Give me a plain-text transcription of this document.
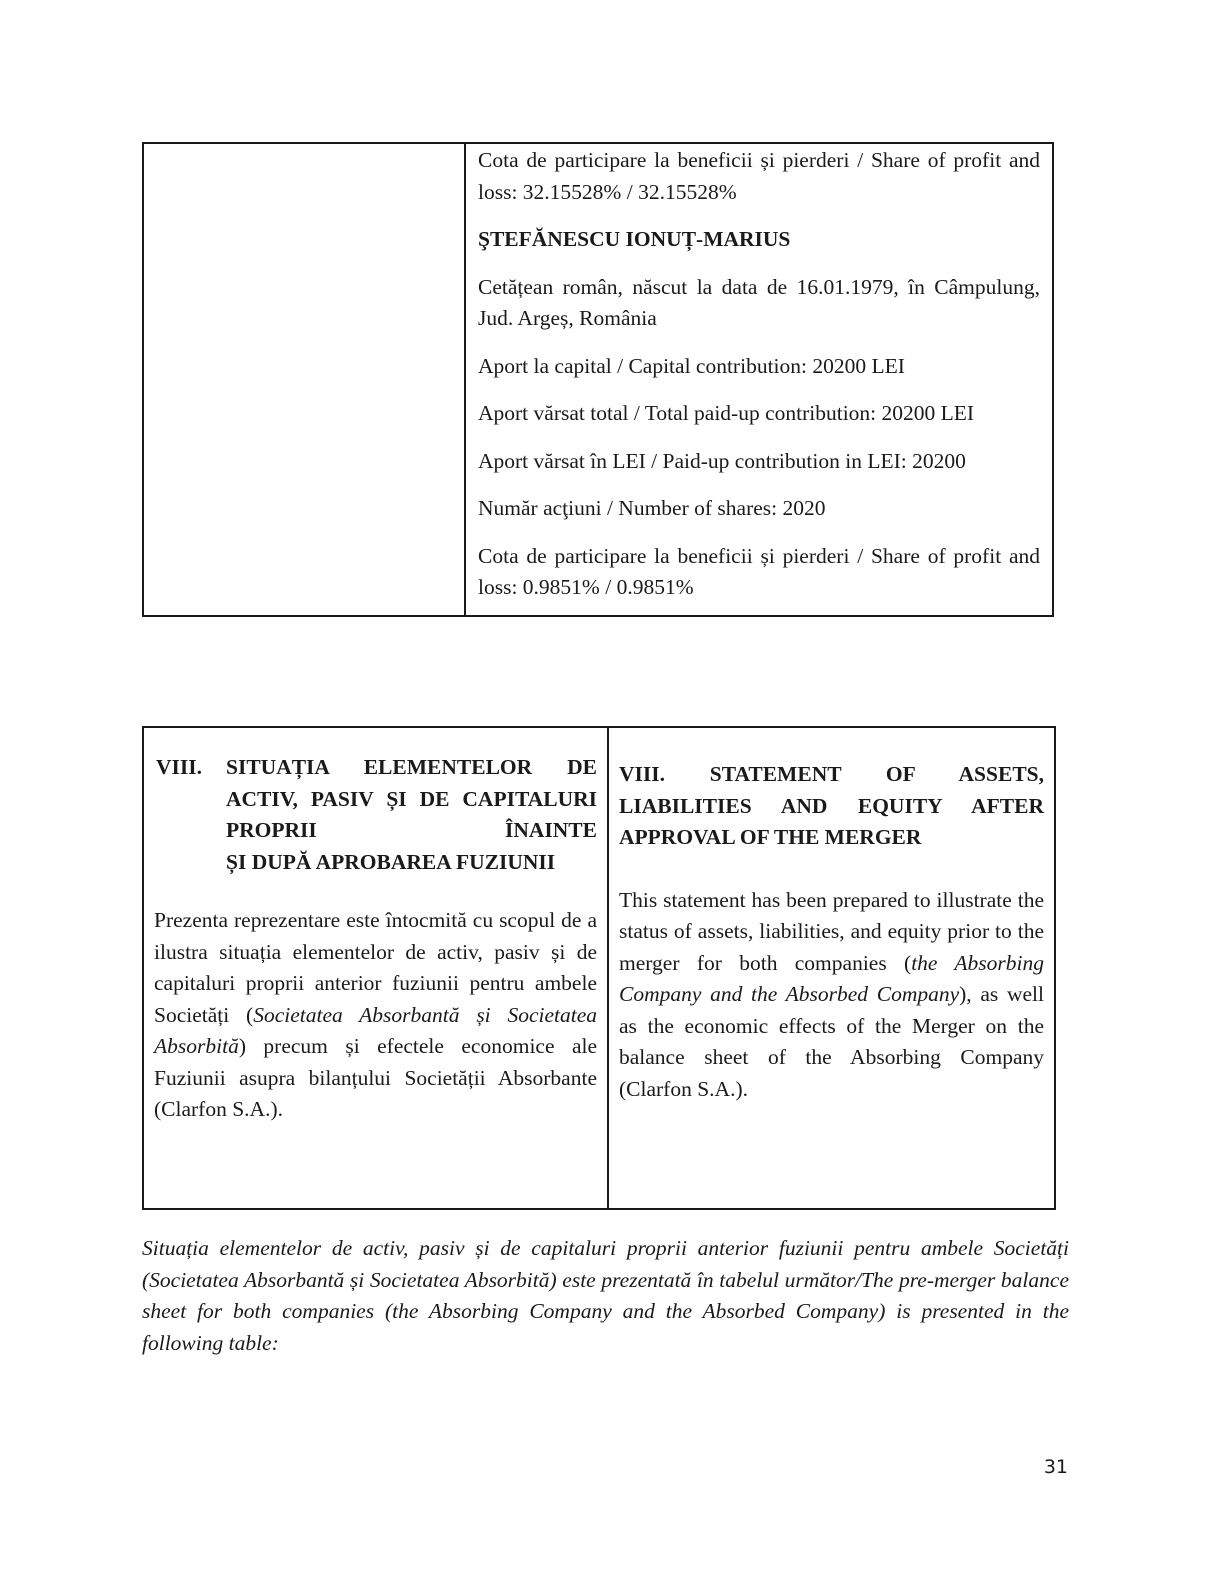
Cota de participare la beneficii și pierderi / Share of profit and loss: 32.15528% / 32.15528%

ŞTEFĂNESCU IONUȚ-MARIUS

Cetățean român, născut la data de 16.01.1979, în Câmpulung, Jud. Argeș, România

Aport la capital / Capital contribution: 20200 LEI

Aport vărsat total / Total paid-up contribution: 20200 LEI

Aport vărsat în LEI / Paid-up contribution in LEI: 20200

Număr acţiuni / Number of shares: 2020

Cota de participare la beneficii și pierderi / Share of profit and loss: 0.9851% / 0.9851%

VIII.	SITUAȚIA ELEMENTELOR DE ACTIV, PASIV ȘI DE CAPITALURI PROPRII ÎNAINTE
ȘI DUPĂ APROBAREA FUZIUNII

Prezenta reprezentare este întocmită cu scopul de a ilustra situația elementelor de activ, pasiv și de capitaluri proprii anterior fuziunii pentru ambele Societăți (Societatea Absorbantă și Societatea Absorbită) precum și efectele economice ale Fuziunii asupra bilanțului Societății Absorbante (Clarfon S.A.).

VIII. STATEMENT OF ASSETS, LIABILITIES AND EQUITY AFTER APPROVAL OF THE MERGER

This statement has been prepared to illustrate the status of assets, liabilities, and equity prior to the merger for both companies (the Absorbing Company and the Absorbed Company), as well as the economic effects of the Merger on the balance sheet of the Absorbing Company (Clarfon S.A.).

Situația elementelor de activ, pasiv și de capitaluri proprii anterior fuziunii pentru ambele Societăți (Societatea Absorbantă și Societatea Absorbită) este prezentată în tabelul următor/The pre-merger balance sheet for both companies (the Absorbing Company and the Absorbed Company) is presented in the following table:

31
